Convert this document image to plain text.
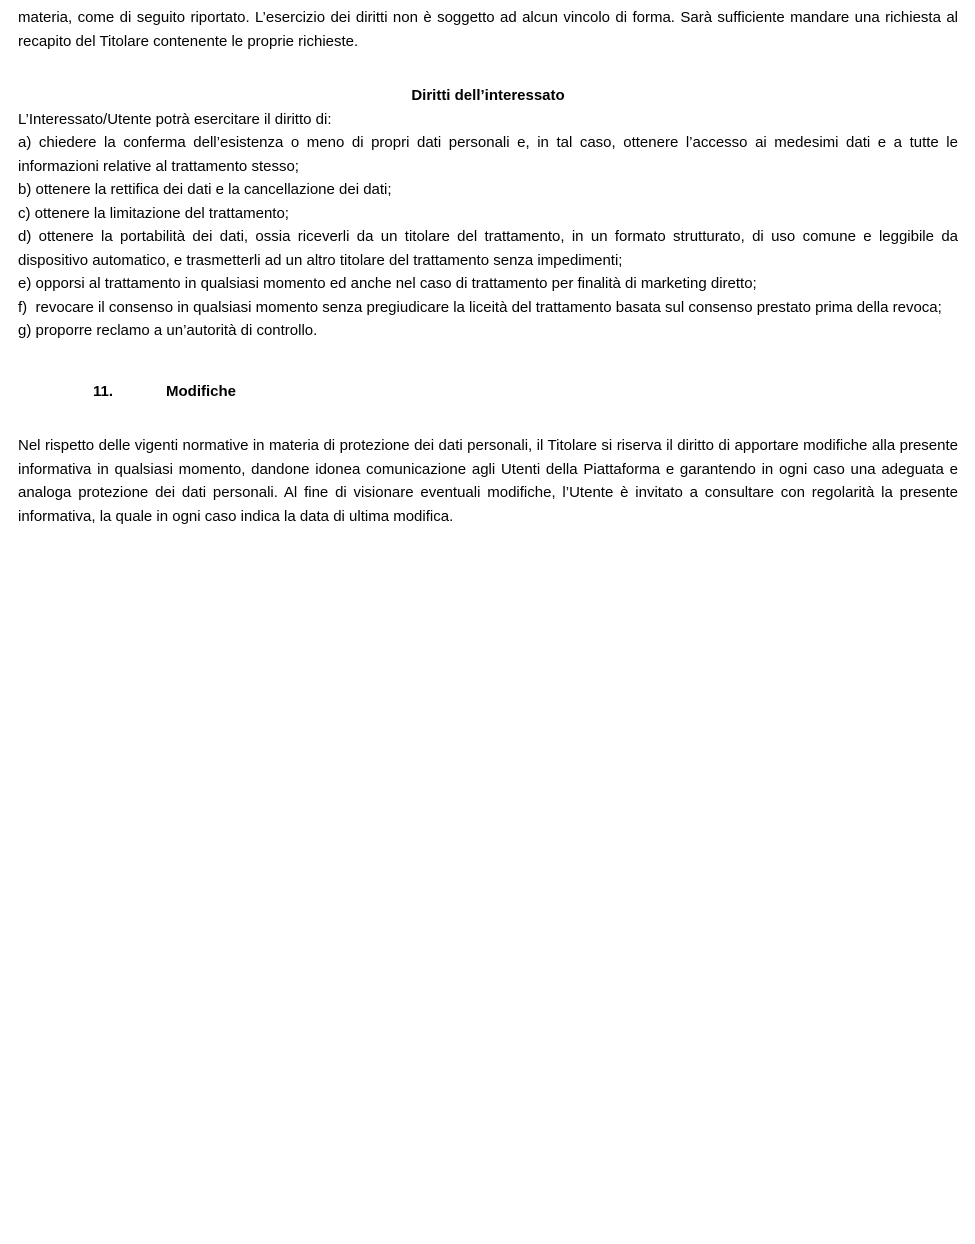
materia, come di seguito riportato. L’esercizio dei diritti non è soggetto ad alcun vincolo di forma. Sarà sufficiente mandare una richiesta al recapito del Titolare contenente le proprie richieste.

Diritti dell’interessato

L’Interessato/Utente potrà esercitare il diritto di:

a) chiedere la conferma dell’esistenza o meno di propri dati personali e, in tal caso, ottenere l’accesso ai medesimi dati e a tutte le informazioni relative al trattamento stesso;

b) ottenere la rettifica dei dati e la cancellazione dei dati;

c) ottenere la limitazione del trattamento;

d) ottenere la portabilità dei dati, ossia riceverli da un titolare del trattamento, in un formato strutturato, di uso comune e leggibile da dispositivo automatico, e trasmetterli ad un altro titolare del trattamento senza impedimenti;

e) opporsi al trattamento in qualsiasi momento ed anche nel caso di trattamento per finalità di marketing diretto;

f)  revocare il consenso in qualsiasi momento senza pregiudicare la liceità del trattamento basata sul consenso prestato prima della revoca;

g) proporre reclamo a un’autorità di controllo.

11.	Modifiche

Nel rispetto delle vigenti normative in materia di protezione dei dati personali, il Titolare si riserva il diritto di apportare modifiche alla presente informativa in qualsiasi momento, dandone idonea comunicazione agli Utenti della Piattaforma e garantendo in ogni caso una adeguata e analoga protezione dei dati personali. Al fine di visionare eventuali modifiche, l’Utente è invitato a consultare con regolarità la presente informativa, la quale in ogni caso indica la data di ultima modifica.
